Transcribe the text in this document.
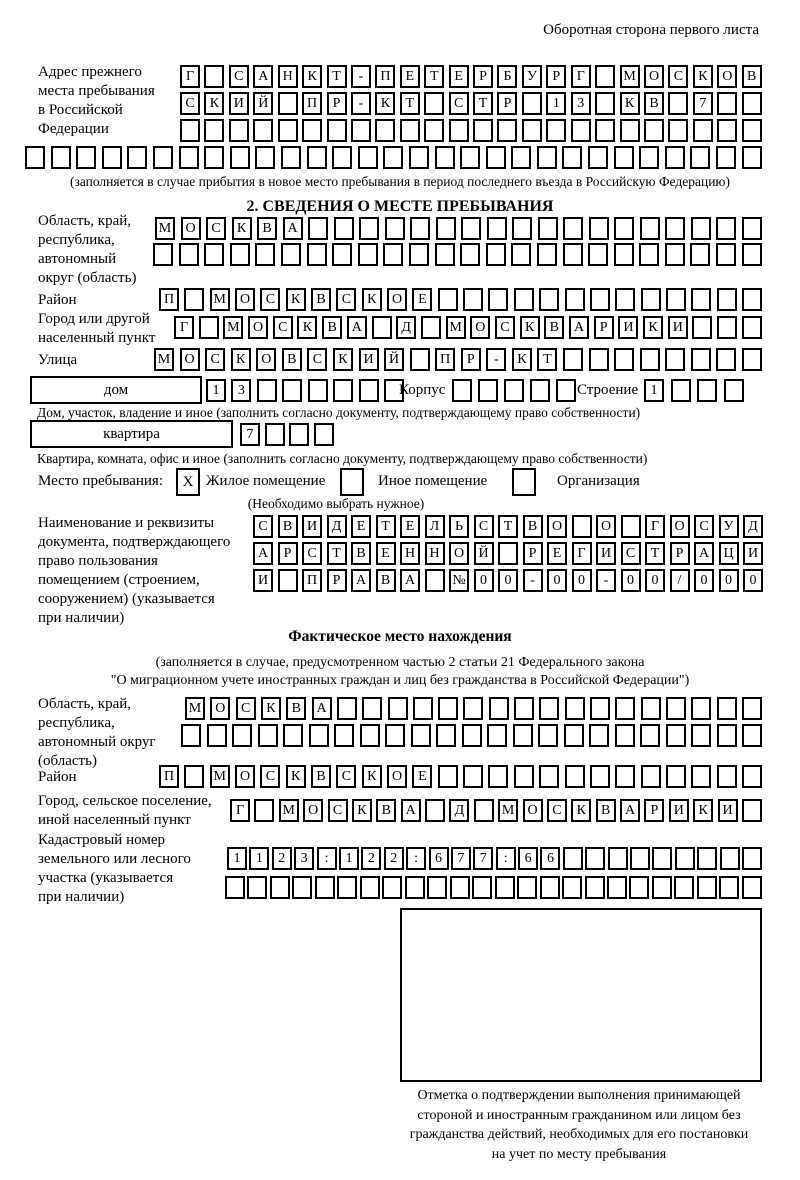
Оборотная сторона первого листа
Адрес прежнего
места пребывания
в Российской
Федерации
Г	С	А	Н	К	Т	-	П	Е	Т	Е	Р	Б	У	Р	Г	М О	С	К	О	В
С	К	И	Й	П	Р	-	К	Т	С	Т	Р	1	3	К	В	7
(заполняется в случае прибытия в новое место пребывания в период последнего въезда в Российскую Федерацию)
2. СВЕДЕНИЯ О МЕСТЕ ПРЕБЫВАНИЯ
Область, край,
республика,
автономный
округ (область)
М	О	С	К	В	А
Район	П	М	О	С	К	В	С	К	О	Е
Город или другой
населенный пункт
Г	М О	С	К	В	А	Д	М О	С	К	В	А	Р	И	К	И
Улица	М	О	С	К	О	В	С	К	И	Й	П	Р	-	К	Т
дом	1	3	Корпус	Строение 1
Дом, участок, владение и иное (заполнить согласно документу, подтверждающему право собственности)
квартира	7
Квартира, комната, офис и иное (заполнить согласно документу, подтверждающему право собственности)
Место пребывания:	X Жилое помещение	Иное помещение	Организация
(Необходимо выбрать нужное)
Наименование и реквизиты
документа, подтверждающего
право пользования
помещением (строением,
сооружением) (указывается
при наличии)
С	В	И	Д	Е	Т	Е	Л	Ь	С	Т	В	О	О	Г	О	С	У	Д
А	Р	С	Т	В	Е	Н	Н	О	Й	Р	Е	Г	И	С	Т	Р	А	Ц	И
И	П	Р	А	В	А	№	0	0	-	0	0	-	0	0	/	0	0	0
Фактическое место нахождения
(заполняется в случае, предусмотренном частью 2 статьи 21 Федерального закона
"О миграционном учете иностранных граждан и лиц без гражданства в Российской Федерации")
Область, край,
республика,
автономный округ
(область)
М	О	С	К	В	А
Район	П	М	О	С	К	В	С	К	О	Е
Город, сельское поселение,
иной населенный пункт
Г	М О	С	К	В	А	Д	М О	С	К	В	А	Р	И	К	И
Кадастровый номер
земельного или лесного
участка (указывается
при наличии)
1	1	2	3	:	1	2	2	:	6	7	7	:	6	6
Отметка о подтверждении выполнения принимающей
стороной и иностранным гражданином или лицом без
гражданства действий, необходимых для его постановки
на учет по месту пребывания
